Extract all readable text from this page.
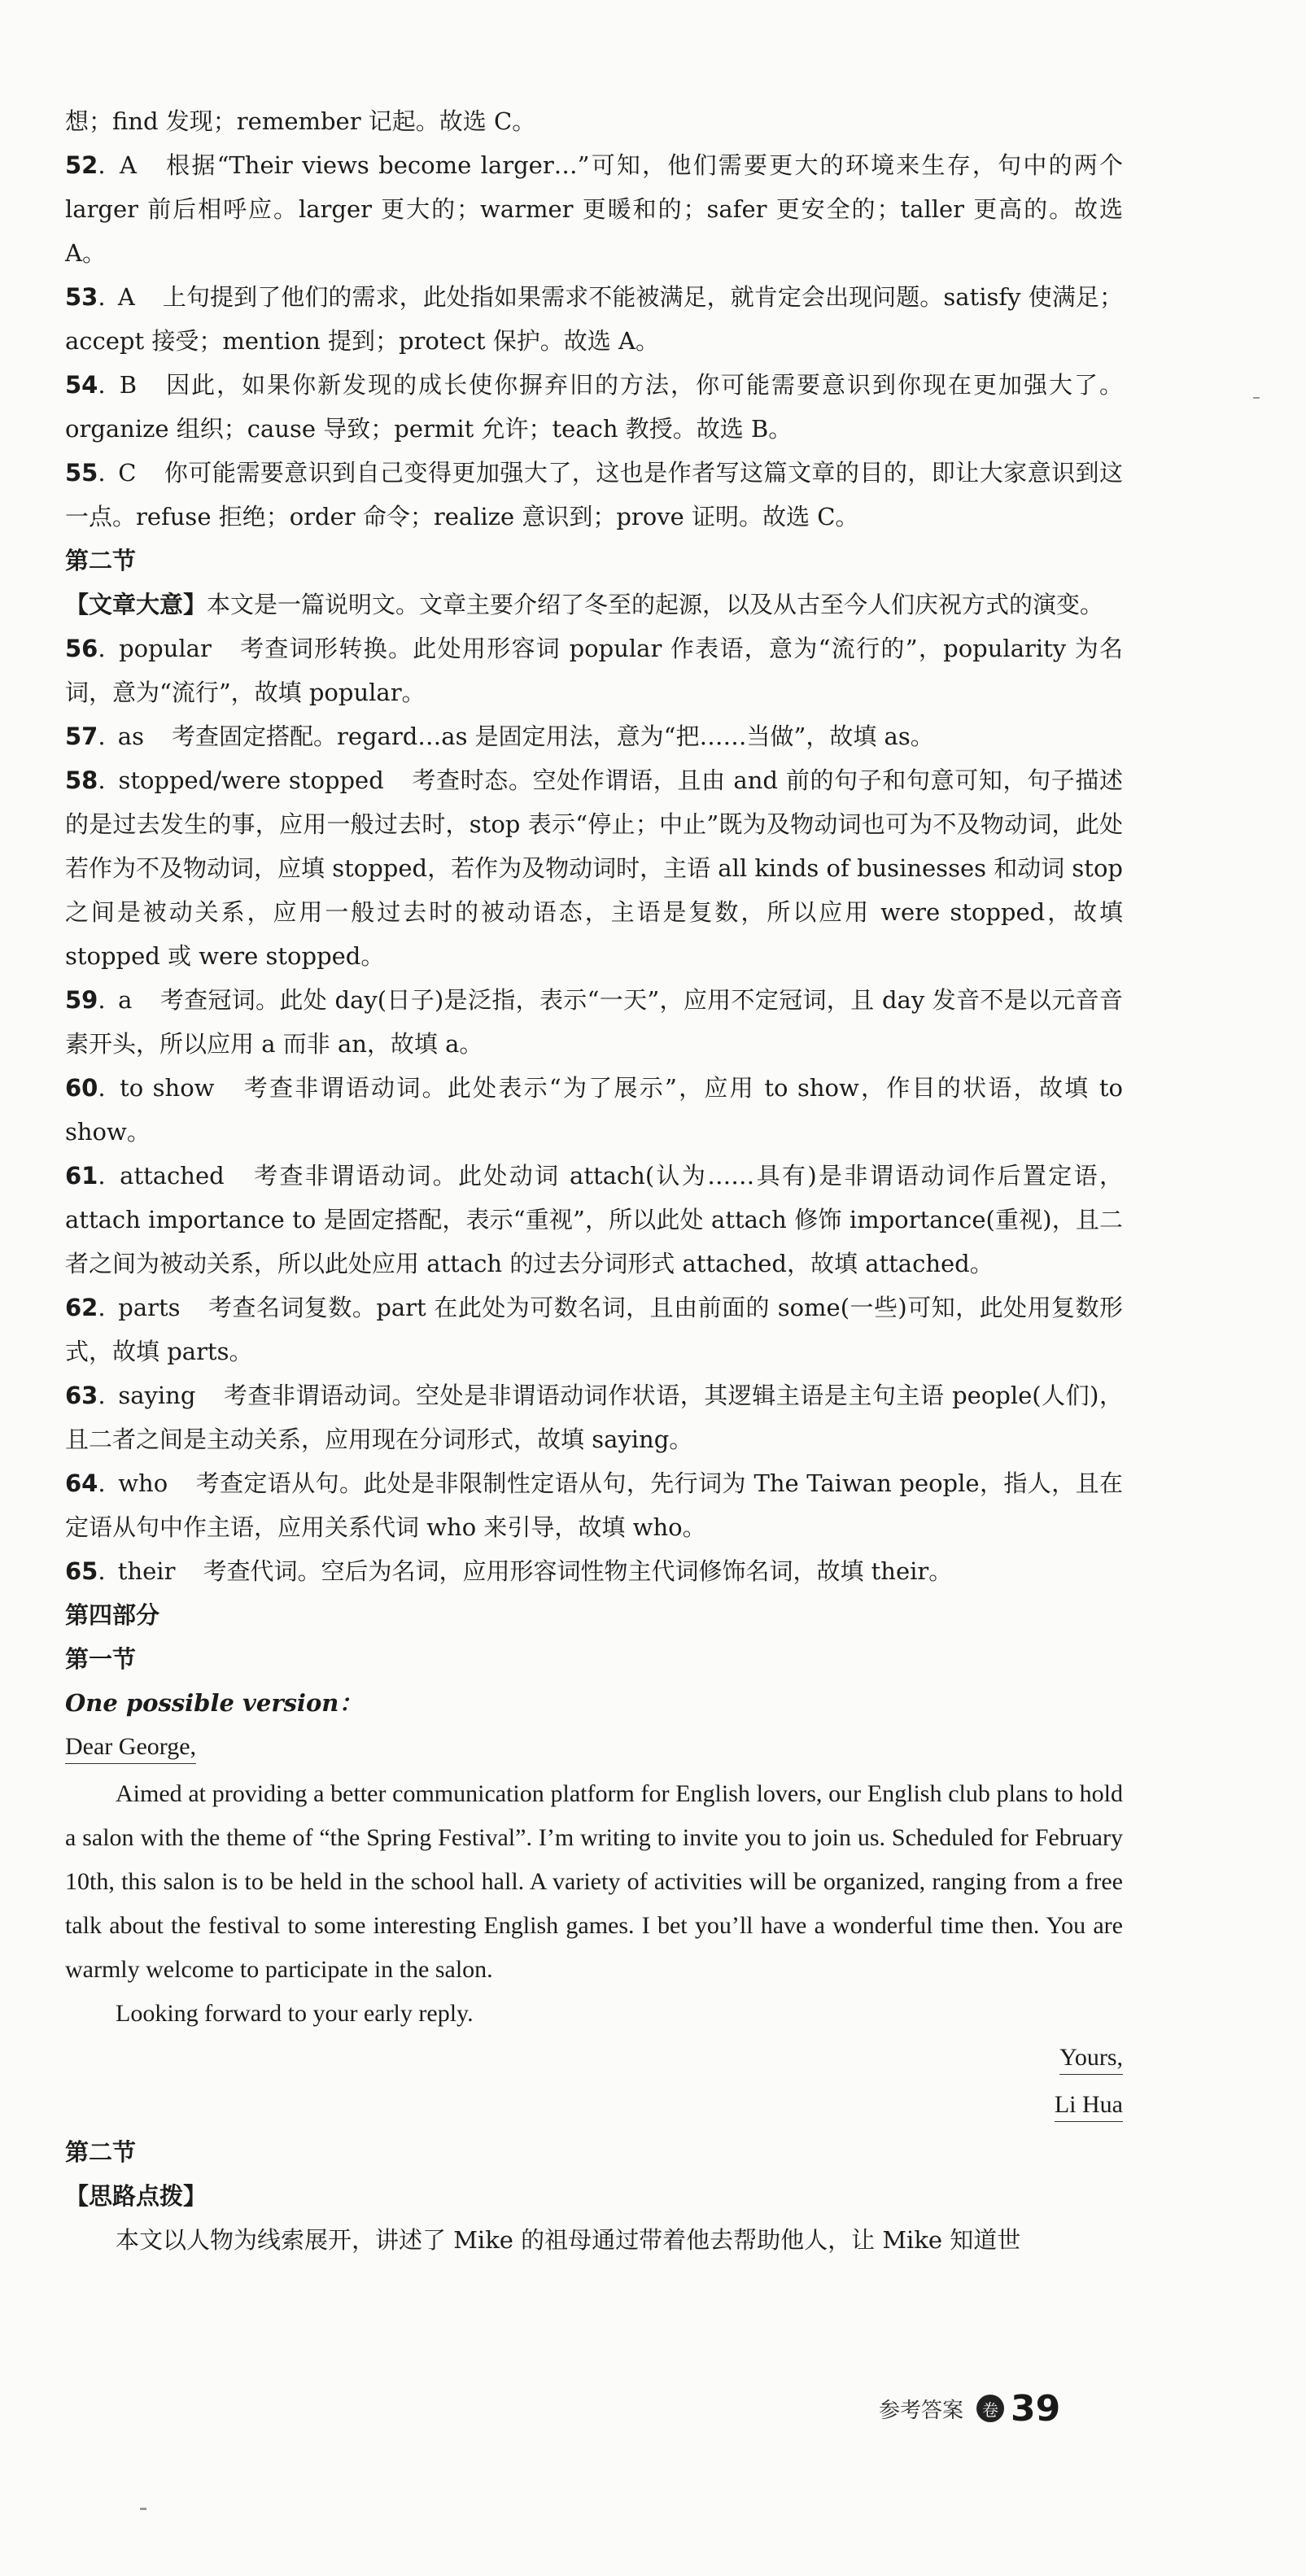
想；find 发现；remember 记起。故选 C。

52. A 根据“Their views become larger…”可知，他们需要更大的环境来生存，句中的两个 larger 前后相呼应。larger 更大的；warmer 更暖和的；safer 更安全的；taller 更高的。故选 A。

53. A 上句提到了他们的需求，此处指如果需求不能被满足，就肯定会出现问题。satisfy 使满足；accept 接受；mention 提到；protect 保护。故选 A。

54. B 因此，如果你新发现的成长使你摒弃旧的方法，你可能需要意识到你现在更加强大了。organize 组织；cause 导致；permit 允许；teach 教授。故选 B。

55. C 你可能需要意识到自己变得更加强大了，这也是作者写这篇文章的目的，即让大家意识到这一点。refuse 拒绝；order 命令；realize 意识到；prove 证明。故选 C。

第二节

【文章大意】本文是一篇说明文。文章主要介绍了冬至的起源，以及从古至今人们庆祝方式的演变。

56. popular 考查词形转换。此处用形容词 popular 作表语，意为“流行的”，popularity 为名词，意为“流行”，故填 popular。

57. as 考查固定搭配。regard…as 是固定用法，意为“把……当做”，故填 as。

58. stopped/were stopped 考查时态。空处作谓语，且由 and 前的句子和句意可知，句子描述的是过去发生的事，应用一般过去时，stop 表示“停止；中止”既为及物动词也可为不及物动词，此处若作为不及物动词，应填 stopped，若作为及物动词时，主语 all kinds of businesses 和动词 stop 之间是被动关系，应用一般过去时的被动语态，主语是复数，所以应用 were stopped，故填 stopped 或 were stopped。

59. a 考查冠词。此处 day(日子)是泛指，表示“一天”，应用不定冠词，且 day 发音不是以元音音素开头，所以应用 a 而非 an，故填 a。

60. to show 考查非谓语动词。此处表示“为了展示”，应用 to show，作目的状语，故填 to show。

61. attached 考查非谓语动词。此处动词 attach(认为……具有)是非谓语动词作后置定语，attach importance to 是固定搭配，表示“重视”，所以此处 attach 修饰 importance(重视)，且二者之间为被动关系，所以此处应用 attach 的过去分词形式 attached，故填 attached。

62. parts 考查名词复数。part 在此处为可数名词，且由前面的 some(一些)可知，此处用复数形式，故填 parts。

63. saying 考查非谓语动词。空处是非谓语动词作状语，其逻辑主语是主句主语 people(人们)，且二者之间是主动关系，应用现在分词形式，故填 saying。

64. who 考查定语从句。此处是非限制性定语从句，先行词为 The Taiwan people，指人，且在定语从句中作主语，应用关系代词 who 来引导，故填 who。

65. their 考查代词。空后为名词，应用形容词性物主代词修饰名词，故填 their。

第四部分

第一节

One possible version：

Dear George,

Aimed at providing a better communication platform for English lovers, our English club plans to hold a salon with the theme of “the Spring Festival”. I’m writing to invite you to join us. Scheduled for February 10th, this salon is to be held in the school hall. A variety of activities will be organized, ranging from a free talk about the festival to some interesting English games. I bet you’ll have a wonderful time then. You are warmly welcome to participate in the salon.

Looking forward to your early reply.

Yours,

Li Hua

第二节

【思路点拨】

本文以人物为线索展开，讲述了 Mike 的祖母通过带着他去帮助他人，让 Mike 知道世

参考答案	卷 39
